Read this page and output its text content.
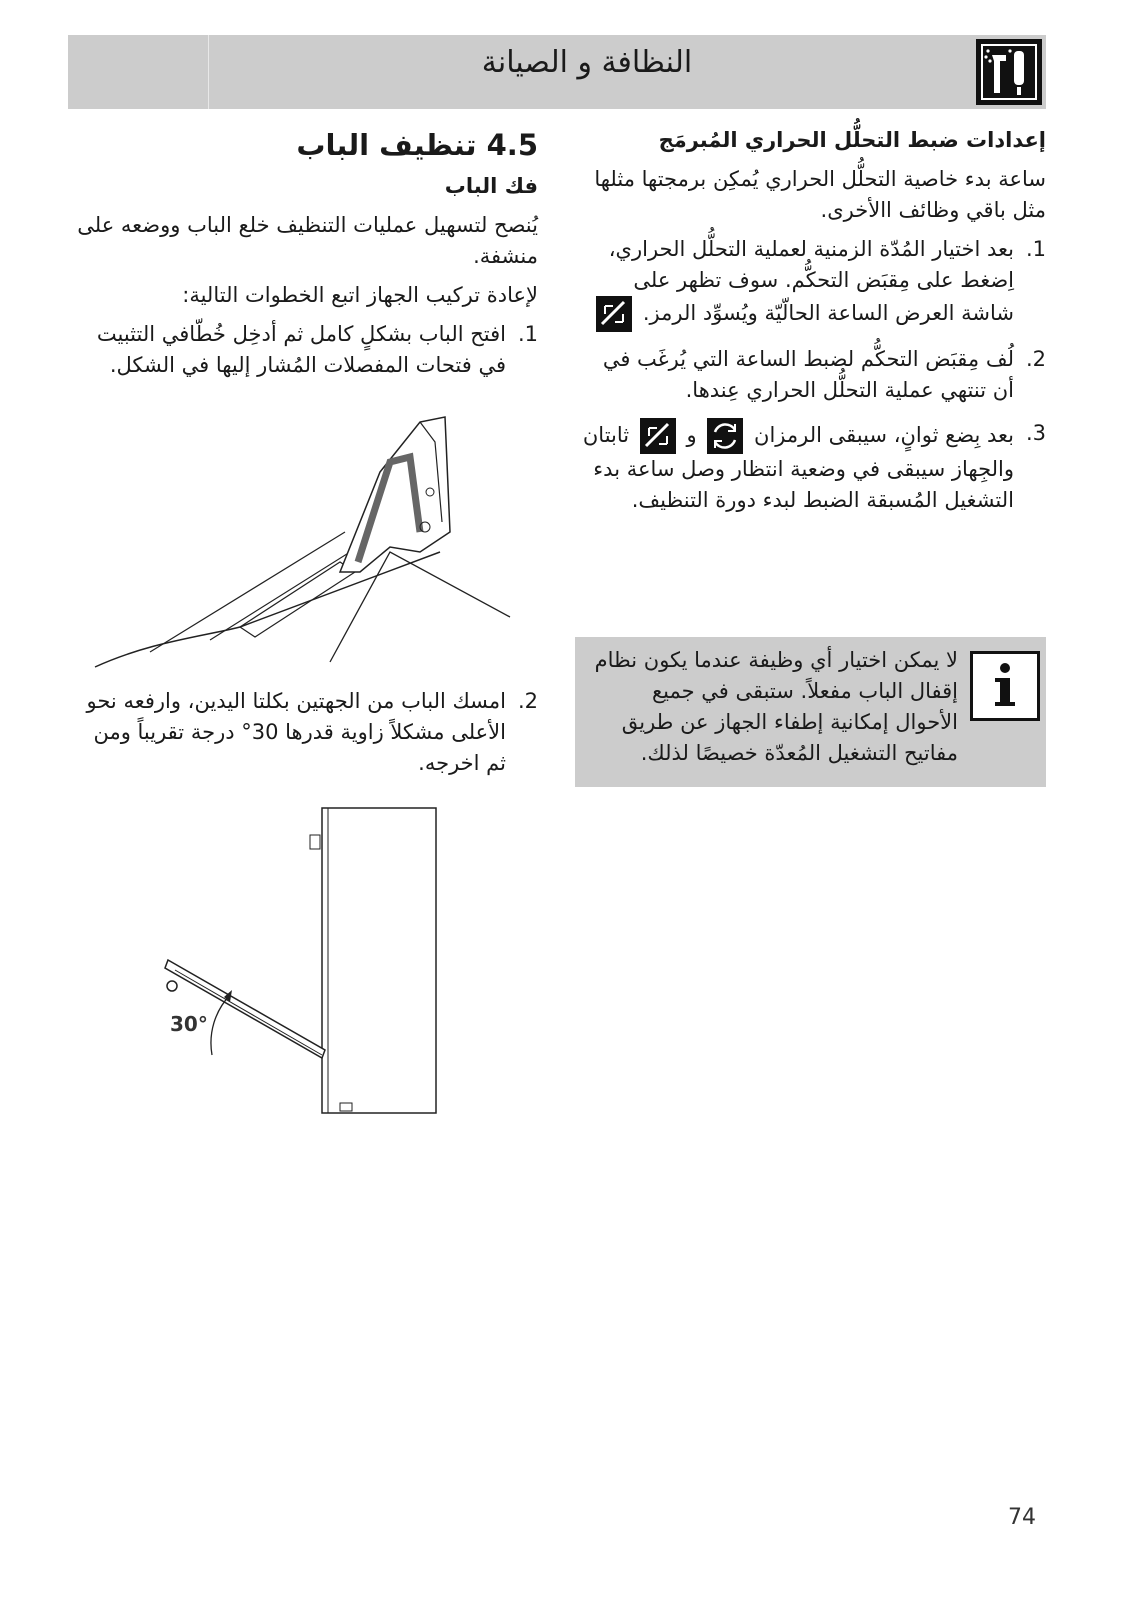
النظافة و الصيانة
إعدادات ضبط التحلُّل الحراري المُبرمَج
ساعة بدء خاصية التحلُّل الحراري يُمكِن برمجتها مثلها مثل باقي وظائف االأخرى.
1.
بعد اختيار المُدّة الزمنية لعملية التحلُّل الحراري، اِضغط على مِقبَض التحكُّم. سوف تظهر على شاشة العرض الساعة الحالّيّة ويُسوِّد الرمز.
2.
لُف مِقبَض التحكُّم لضبط الساعة التي يُرغَب في أن تنتهي عملية التحلُّل الحراري عِندها.
3.
بعد بِضع ثوانٍ، سيبقى الرمزان  و  ثابتان والجِهاز سيبقى في وضعية انتظار وصل ساعة بدء التشغيل المُسبقة الضبط لبدء دورة التنظيف.
لا يمكن اختيار أي وظيفة عندما يكون نظام إقفال الباب مفعلاً. ستبقى في جميع الأحوال إمكانية إطفاء الجهاز عن طريق مفاتيح التشغيل المُعدّة خصيصًا لذلك.
4.5 تنظيف الباب
فك الباب
يُنصح لتسهيل عمليات التنظيف خلع الباب ووضعه على منشفة.
لإعادة تركيب الجهاز اتبع الخطوات التالية:
1.
افتح الباب بشكلٍ كامل ثم أدخِل خُطّافي التثبيت في فتحات المفصلات المُشار إليها في الشكل.
2.
امسك الباب من الجهتين بكلتا اليدين، وارفعه نحو الأعلى مشكلاً زاوية قدرها 30° درجة تقريباً ومن ثم اخرجه.
30°
74
